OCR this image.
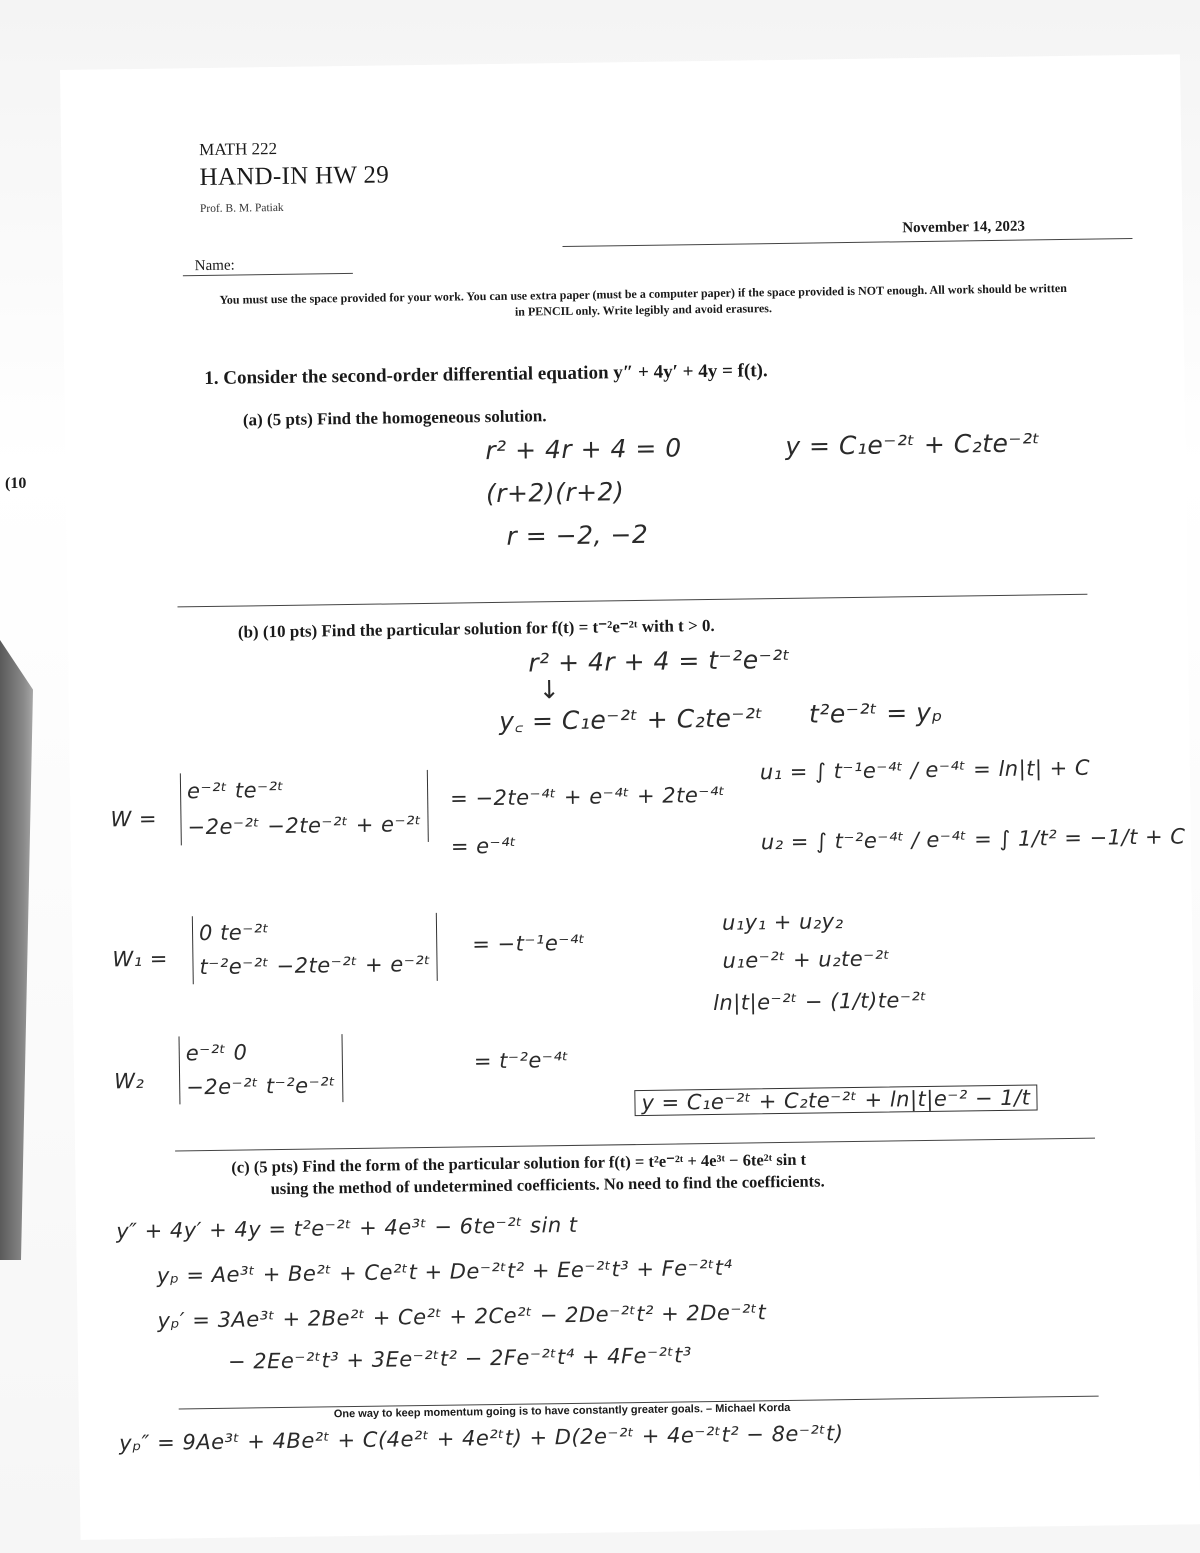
(10
MATH 222
HAND-IN HW 29
Prof. B. M. Patiak
November 14, 2023
Name:
You must use the space provided for your work. You can use extra paper (must be a computer paper) if the space provided is NOT enough. All work should be written in PENCIL only. Write legibly and avoid erasures.
1. Consider the second-order differential equation y″ + 4y′ + 4y = f(t).
(a) (5 pts) Find the homogeneous solution.
r² + 4r + 4 = 0	y = C₁e⁻²ᵗ + C₂te⁻²ᵗ
(r+2)(r+2)
r = −2, −2
(b) (10 pts) Find the particular solution for f(t) = t⁻²e⁻²ᵗ with t > 0.
r² + 4r + 4 = t⁻²e⁻²ᵗ
↓
y꜀ = C₁e⁻²ᵗ + C₂te⁻²ᵗ t²e⁻²ᵗ = yₚ
W =
e⁻²ᵗ te⁻²ᵗ
−2e⁻²ᵗ −2te⁻²ᵗ + e⁻²ᵗ
= −2te⁻⁴ᵗ + e⁻⁴ᵗ + 2te⁻⁴ᵗ
= e⁻⁴ᵗ
u₁ = ∫ t⁻¹e⁻⁴ᵗ / e⁻⁴ᵗ = ln|t| + C
u₂ = ∫ t⁻²e⁻⁴ᵗ / e⁻⁴ᵗ = ∫ 1/t² = −1/t + C
W₁ =
0 te⁻²ᵗ
t⁻²e⁻²ᵗ −2te⁻²ᵗ + e⁻²ᵗ
= −t⁻¹e⁻⁴ᵗ
u₁y₁ + u₂y₂
u₁e⁻²ᵗ + u₂te⁻²ᵗ
ln|t|e⁻²ᵗ − (1/t)te⁻²ᵗ
W₂
e⁻²ᵗ 0
−2e⁻²ᵗ t⁻²e⁻²ᵗ
= t⁻²e⁻⁴ᵗ
y = C₁e⁻²ᵗ + C₂te⁻²ᵗ + ln|t|e⁻² − 1/t
(c) (5 pts) Find the form of the particular solution for f(t) = t²e⁻²ᵗ + 4e³ᵗ − 6te²ᵗ sin t
using the method of undetermined coefficients. No need to find the coefficients.
y″ + 4y′ + 4y = t²e⁻²ᵗ + 4e³ᵗ − 6te⁻²ᵗ sin t
yₚ = Ae³ᵗ + Be²ᵗ + Ce²ᵗt + De⁻²ᵗt² + Ee⁻²ᵗt³ + Fe⁻²ᵗt⁴
yₚ′ = 3Ae³ᵗ + 2Be²ᵗ + Ce²ᵗ + 2Ce²ᵗ − 2De⁻²ᵗt² + 2De⁻²ᵗt
− 2Ee⁻²ᵗt³ + 3Ee⁻²ᵗt² − 2Fe⁻²ᵗt⁴ + 4Fe⁻²ᵗt³
One way to keep momentum going is to have constantly greater goals. – Michael Korda
yₚ″ = 9Ae³ᵗ + 4Be²ᵗ + C(4e²ᵗ + 4e²ᵗt) + D(2e⁻²ᵗ + 4e⁻²ᵗt² − 8e⁻²ᵗt)
